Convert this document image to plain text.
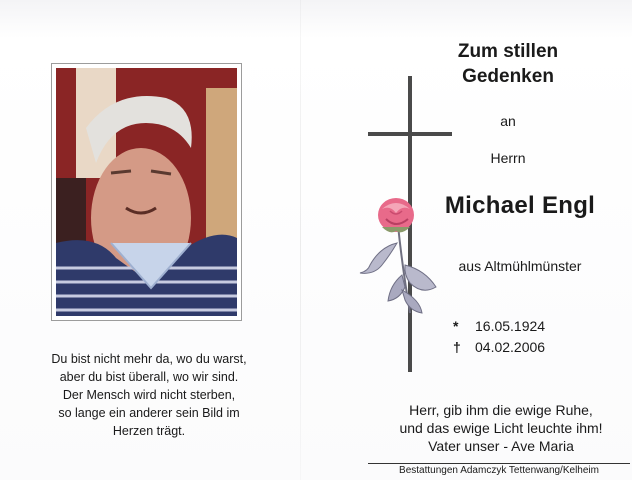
Du bist nicht mehr da, wo du warst,
aber du bist überall, wo wir sind.
Der Mensch wird nicht sterben,
so lange ein anderer sein Bild im
Herzen trägt.
Zum stillen
Gedenken
an
Herrn
Michael Engl
aus Altmühlmünster
* 16.05.1924
† 04.02.2006
Herr, gib ihm die ewige Ruhe,
und das ewige Licht leuchte ihm!
Vater unser - Ave Maria
Bestattungen Adamczyk Tettenwang/Kelheim
